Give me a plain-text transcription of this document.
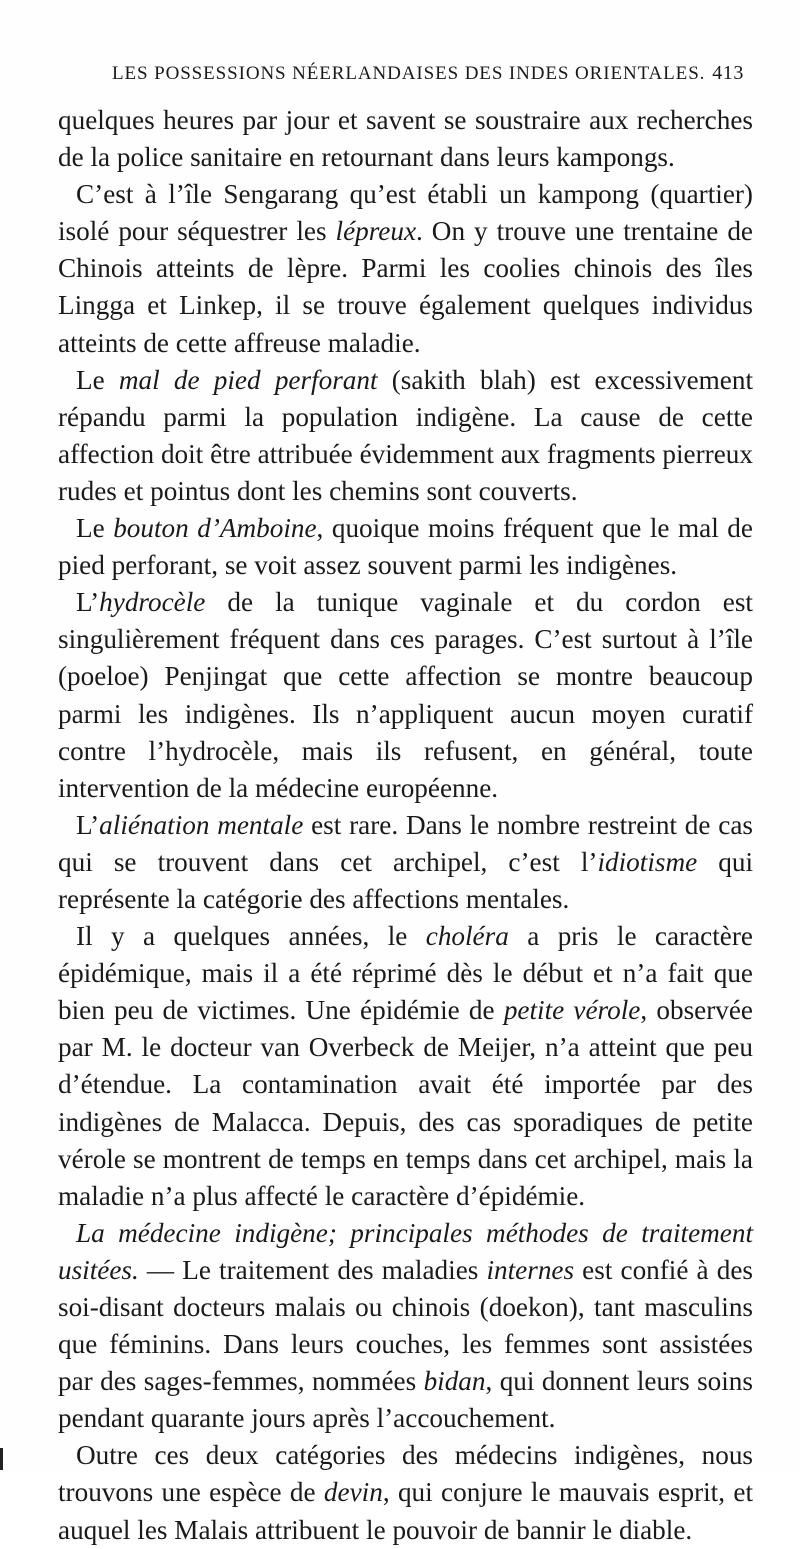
LES POSSESSIONS NÉERLANDAISES DES INDES ORIENTALES. 413

quelques heures par jour et savent se soustraire aux recherches de la police sanitaire en retournant dans leurs kampongs.

C’est à l’île Sengarang qu’est établi un kampong (quartier) isolé pour séquestrer les lépreux. On y trouve une trentaine de Chinois atteints de lèpre. Parmi les coolies chinois des îles Lingga et Linkep, il se trouve également quelques individus atteints de cette affreuse maladie.

Le mal de pied perforant (sakith blah) est excessivement répandu parmi la population indigène. La cause de cette affection doit être attribuée évidemment aux fragments pierreux rudes et pointus dont les chemins sont couverts.

Le bouton d’Amboine, quoique moins fréquent que le mal de pied perforant, se voit assez souvent parmi les indigènes.

L’hydrocèle de la tunique vaginale et du cordon est singulièrement fréquent dans ces parages. C’est surtout à l’île (poeloe) Penjingat que cette affection se montre beaucoup parmi les indigènes. Ils n’appliquent aucun moyen curatif contre l’hydrocèle, mais ils refusent, en général, toute intervention de la médecine européenne.

L’aliénation mentale est rare. Dans le nombre restreint de cas qui se trouvent dans cet archipel, c’est l’idiotisme qui représente la catégorie des affections mentales.

Il y a quelques années, le choléra a pris le caractère épidémique, mais il a été réprimé dès le début et n’a fait que bien peu de victimes. Une épidémie de petite vérole, observée par M. le docteur van Overbeck de Meijer, n’a atteint que peu d’étendue. La contamination avait été importée par des indigènes de Malacca. Depuis, des cas sporadiques de petite vérole se montrent de temps en temps dans cet archipel, mais la maladie n’a plus affecté le caractère d’épidémie.

La médecine indigène; principales méthodes de traitement usitées. — Le traitement des maladies internes est confié à des soi-disant docteurs malais ou chinois (doekon), tant masculins que féminins. Dans leurs couches, les femmes sont assistées par des sages-femmes, nommées bidan, qui donnent leurs soins pendant quarante jours après l’accouchement.

Outre ces deux catégories des médecins indigènes, nous trouvons une espèce de devin, qui conjure le mauvais esprit, et auquel les Malais attribuent le pouvoir de bannir le diable.
